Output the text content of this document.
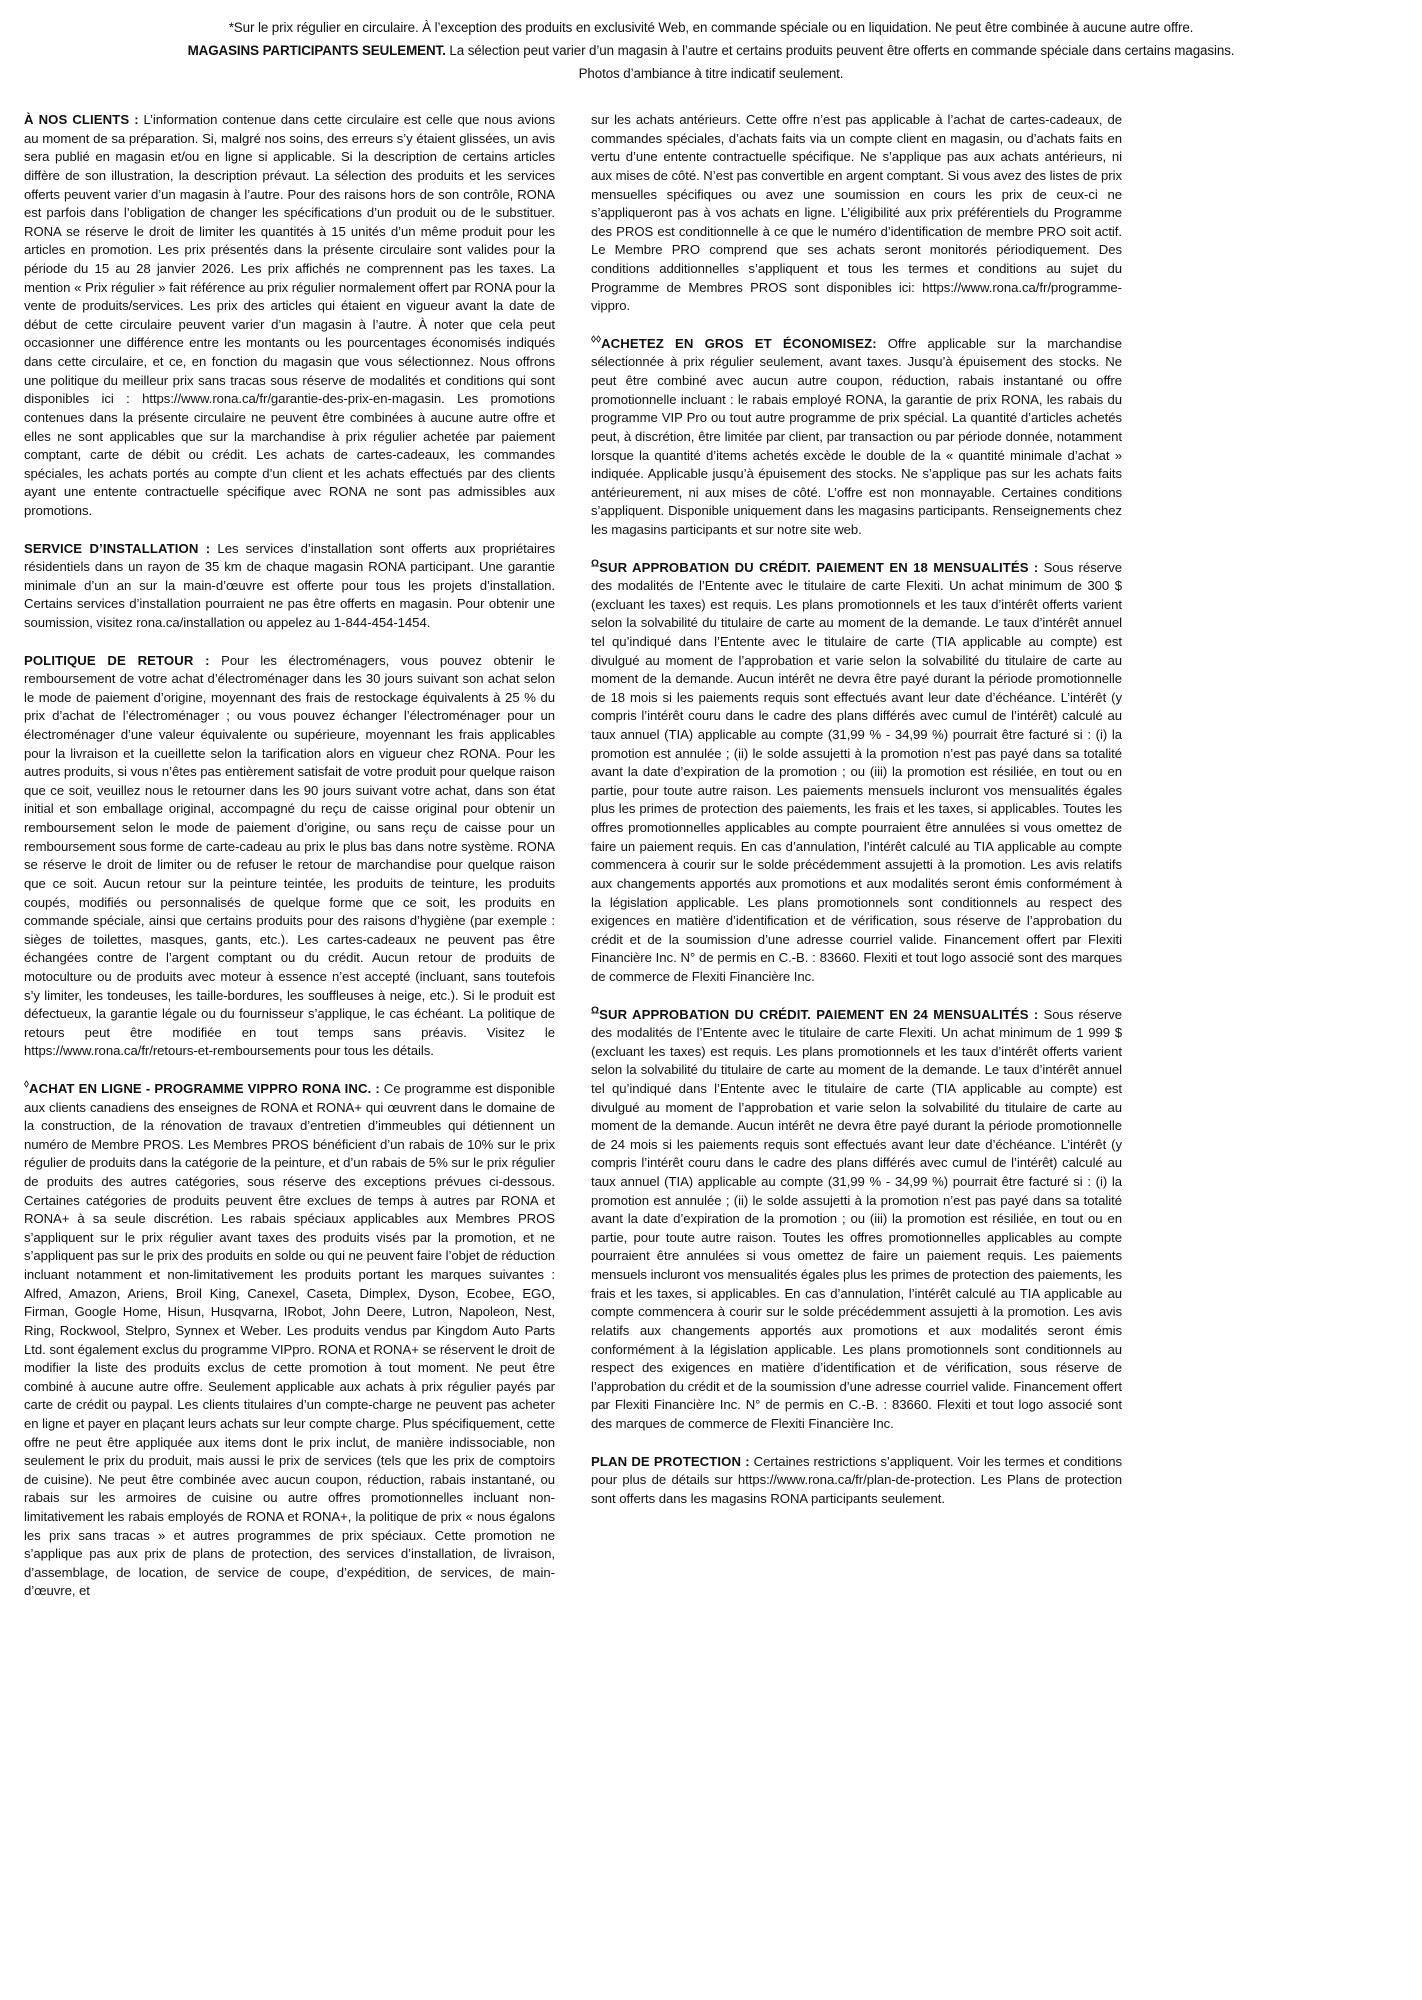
*Sur le prix régulier en circulaire. À l’exception des produits en exclusivité Web, en commande spéciale ou en liquidation. Ne peut être combinée à aucune autre offre.
MAGASINS PARTICIPANTS SEULEMENT. La sélection peut varier d’un magasin à l’autre et certains produits peuvent être offerts en commande spéciale dans certains magasins.
Photos d’ambiance à titre indicatif seulement.

À NOS CLIENTS : L’information contenue dans cette circulaire est celle que nous avions au moment de sa préparation. Si, malgré nos soins, des erreurs s’y étaient glissées, un avis sera publié en magasin et/ou en ligne si applicable. Si la description de certains articles diffère de son illustration, la description prévaut. La sélection des produits et les services offerts peuvent varier d’un magasin à l’autre. Pour des raisons hors de son contrôle, RONA est parfois dans l’obligation de changer les spécifications d’un produit ou de le substituer. RONA se réserve le droit de limiter les quantités à 15 unités d’un même produit pour les articles en promotion. Les prix présentés dans la présente circulaire sont valides pour la période du 15 au 28 janvier 2026. Les prix affichés ne comprennent pas les taxes. La mention « Prix régulier » fait référence au prix régulier normalement offert par RONA pour la vente de produits/services. Les prix des articles qui étaient en vigueur avant la date de début de cette circulaire peuvent varier d’un magasin à l’autre. À noter que cela peut occasionner une différence entre les montants ou les pourcentages économisés indiqués dans cette circulaire, et ce, en fonction du magasin que vous sélectionnez. Nous offrons une politique du meilleur prix sans tracas sous réserve de modalités et conditions qui sont disponibles ici : https://www.rona.ca/fr/garantie-des-prix-en-magasin. Les promotions contenues dans la présente circulaire ne peuvent être combinées à aucune autre offre et elles ne sont applicables que sur la marchandise à prix régulier achetée par paiement comptant, carte de débit ou crédit. Les achats de cartes-cadeaux, les commandes spéciales, les achats portés au compte d’un client et les achats effectués par des clients ayant une entente contractuelle spécifique avec RONA ne sont pas admissibles aux promotions.

SERVICE D’INSTALLATION : Les services d’installation sont offerts aux propriétaires résidentiels dans un rayon de 35 km de chaque magasin RONA participant. Une garantie minimale d’un an sur la main-d’œuvre est offerte pour tous les projets d’installation. Certains services d’installation pourraient ne pas être offerts en magasin. Pour obtenir une soumission, visitez rona.ca/installation ou appelez au 1-844-454-1454.

POLITIQUE DE RETOUR : Pour les électroménagers, vous pouvez obtenir le remboursement de votre achat d’électroménager dans les 30 jours suivant son achat selon le mode de paiement d’origine, moyennant des frais de restockage équivalents à 25 % du prix d’achat de l’électroménager ; ou vous pouvez échanger l’électroménager pour un électroménager d’une valeur équivalente ou supérieure, moyennant les frais applicables pour la livraison et la cueillette selon la tarification alors en vigueur chez RONA. Pour les autres produits, si vous n’êtes pas entièrement satisfait de votre produit pour quelque raison que ce soit, veuillez nous le retourner dans les 90 jours suivant votre achat, dans son état initial et son emballage original, accompagné du reçu de caisse original pour obtenir un remboursement selon le mode de paiement d’origine, ou sans reçu de caisse pour un remboursement sous forme de carte-cadeau au prix le plus bas dans notre système. RONA se réserve le droit de limiter ou de refuser le retour de marchandise pour quelque raison que ce soit. Aucun retour sur la peinture teintée, les produits de teinture, les produits coupés, modifiés ou personnalisés de quelque forme que ce soit, les produits en commande spéciale, ainsi que certains produits pour des raisons d’hygiène (par exemple : sièges de toilettes, masques, gants, etc.). Les cartes-cadeaux ne peuvent pas être échangées contre de l’argent comptant ou du crédit. Aucun retour de produits de motoculture ou de produits avec moteur à essence n’est accepté (incluant, sans toutefois s’y limiter, les tondeuses, les taille-bordures, les souffleuses à neige, etc.). Si le produit est défectueux, la garantie légale ou du fournisseur s’applique, le cas échéant. La politique de retours peut être modifiée en tout temps sans préavis. Visitez le https://www.rona.ca/fr/retours-et-remboursements pour tous les détails.

◊ACHAT EN LIGNE - PROGRAMME VIPPRO RONA INC. : Ce programme est disponible aux clients canadiens des enseignes de RONA et RONA+ qui œuvrent dans le domaine de la construction, de la rénovation de travaux d’entretien d’immeubles qui détiennent un numéro de Membre PROS. Les Membres PROS bénéficient d’un rabais de 10% sur le prix régulier de produits dans la catégorie de la peinture, et d’un rabais de 5% sur le prix régulier de produits des autres catégories, sous réserve des exceptions prévues ci-dessous. Certaines catégories de produits peuvent être exclues de temps à autres par RONA et RONA+ à sa seule discrétion. Les rabais spéciaux applicables aux Membres PROS s’appliquent sur le prix régulier avant taxes des produits visés par la promotion, et ne s’appliquent pas sur le prix des produits en solde ou qui ne peuvent faire l’objet de réduction incluant notamment et non-limitativement les produits portant les marques suivantes : Alfred, Amazon, Ariens, Broil King, Canexel, Caseta, Dimplex, Dyson, Ecobee, EGO, Firman, Google Home, Hisun, Husqvarna, IRobot, John Deere, Lutron, Napoleon, Nest, Ring, Rockwool, Stelpro, Synnex et Weber. Les produits vendus par Kingdom Auto Parts Ltd. sont également exclus du programme VIPpro. RONA et RONA+ se réservent le droit de modifier la liste des produits exclus de cette promotion à tout moment. Ne peut être combiné à aucune autre offre. Seulement applicable aux achats à prix régulier payés par carte de crédit ou paypal. Les clients titulaires d’un compte-charge ne peuvent pas acheter en ligne et payer en plaçant leurs achats sur leur compte charge. Plus spécifiquement, cette offre ne peut être appliquée aux items dont le prix inclut, de manière indissociable, non seulement le prix du produit, mais aussi le prix de services (tels que les prix de comptoirs de cuisine). Ne peut être combinée avec aucun coupon, réduction, rabais instantané, ou rabais sur les armoires de cuisine ou autre offres promotionnelles incluant non-limitativement les rabais employés de RONA et RONA+, la politique de prix « nous égalons les prix sans tracas » et autres programmes de prix spéciaux. Cette promotion ne s’applique pas aux prix de plans de protection, des services d’installation, de livraison, d’assemblage, de location, de service de coupe, d’expédition, de services, de main-d’œuvre, et

sur les achats antérieurs. Cette offre n’est pas applicable à l’achat de cartes-cadeaux, de commandes spéciales, d’achats faits via un compte client en magasin, ou d’achats faits en vertu d’une entente contractuelle spécifique. Ne s’applique pas aux achats antérieurs, ni aux mises de côté. N’est pas convertible en argent comptant. Si vous avez des listes de prix mensuelles spécifiques ou avez une soumission en cours les prix de ceux-ci ne s’appliqueront pas à vos achats en ligne. L’éligibilité aux prix préférentiels du Programme des PROS est conditionnelle à ce que le numéro d’identification de membre PRO soit actif. Le Membre PRO comprend que ses achats seront monitorés périodiquement. Des conditions additionnelles s’appliquent et tous les termes et conditions au sujet du Programme de Membres PROS sont disponibles ici: https://www.rona.ca/fr/programme-vippro.

◊◊ACHETEZ EN GROS ET ÉCONOMISEZ: Offre applicable sur la marchandise sélectionnée à prix régulier seulement, avant taxes. Jusqu’à épuisement des stocks. Ne peut être combiné avec aucun autre coupon, réduction, rabais instantané ou offre promotionnelle incluant : le rabais employé RONA, la garantie de prix RONA, les rabais du programme VIP Pro ou tout autre programme de prix spécial. La quantité d’articles achetés peut, à discrétion, être limitée par client, par transaction ou par période donnée, notamment lorsque la quantité d’items achetés excède le double de la « quantité minimale d’achat » indiquée. Applicable jusqu’à épuisement des stocks. Ne s’applique pas sur les achats faits antérieurement, ni aux mises de côté. L’offre est non monnayable. Certaines conditions s’appliquent. Disponible uniquement dans les magasins participants. Renseignements chez les magasins participants et sur notre site web.

$^\Omega$SUR APPROBATION DU CRÉDIT. PAIEMENT EN 18 MENSUALITÉS : Sous réserve des modalités de l’Entente avec le titulaire de carte Flexiti. Un achat minimum de 300 $ (excluant les taxes) est requis. Les plans promotionnels et les taux d’intérêt offerts varient selon la solvabilité du titulaire de carte au moment de la demande. Le taux d’intérêt annuel tel qu’indiqué dans l’Entente avec le titulaire de carte (TIA applicable au compte) est divulgué au moment de l’approbation et varie selon la solvabilité du titulaire de carte au moment de la demande. Aucun intérêt ne devra être payé durant la période promotionnelle de 18 mois si les paiements requis sont effectués avant leur date d’échéance. L’intérêt (y compris l’intérêt couru dans le cadre des plans différés avec cumul de l’intérêt) calculé au taux annuel (TIA) applicable au compte (31,99 % - 34,99 %) pourrait être facturé si : (i) la promotion est annulée ; (ii) le solde assujetti à la promotion n’est pas payé dans sa totalité avant la date d’expiration de la promotion ; ou (iii) la promotion est résiliée, en tout ou en partie, pour toute autre raison. Les paiements mensuels incluront vos mensualités égales plus les primes de protection des paiements, les frais et les taxes, si applicables. Toutes les offres promotionnelles applicables au compte pourraient être annulées si vous omettez de faire un paiement requis. En cas d’annulation, l’intérêt calculé au TIA applicable au compte commencera à courir sur le solde précédemment assujetti à la promotion. Les avis relatifs aux changements apportés aux promotions et aux modalités seront émis conformément à la législation applicable. Les plans promotionnels sont conditionnels au respect des exigences en matière d’identification et de vérification, sous réserve de l’approbation du crédit et de la soumission d’une adresse courriel valide. Financement offert par Flexiti Financière Inc. N° de permis en C.-B. : 83660. Flexiti et tout logo associé sont des marques de commerce de Flexiti Financière Inc.

$^\Omega$SUR APPROBATION DU CRÉDIT. PAIEMENT EN 24 MENSUALITÉS : Sous réserve des modalités de l’Entente avec le titulaire de carte Flexiti. Un achat minimum de 1 999 $ (excluant les taxes) est requis. Les plans promotionnels et les taux d’intérêt offerts varient selon la solvabilité du titulaire de carte au moment de la demande. Le taux d’intérêt annuel tel qu’indiqué dans l’Entente avec le titulaire de carte (TIA applicable au compte) est divulgué au moment de l’approbation et varie selon la solvabilité du titulaire de carte au moment de la demande. Aucun intérêt ne devra être payé durant la période promotionnelle de 24 mois si les paiements requis sont effectués avant leur date d’échéance. L’intérêt (y compris l’intérêt couru dans le cadre des plans différés avec cumul de l’intérêt) calculé au taux annuel (TIA) applicable au compte (31,99 % - 34,99 %) pourrait être facturé si : (i) la promotion est annulée ; (ii) le solde assujetti à la promotion n’est pas payé dans sa totalité avant la date d’expiration de la promotion ; ou (iii) la promotion est résiliée, en tout ou en partie, pour toute autre raison. Toutes les offres promotionnelles applicables au compte pourraient être annulées si vous omettez de faire un paiement requis. Les paiements mensuels incluront vos mensualités égales plus les primes de protection des paiements, les frais et les taxes, si applicables. En cas d’annulation, l’intérêt calculé au TIA applicable au compte commencera à courir sur le solde précédemment assujetti à la promotion. Les avis relatifs aux changements apportés aux promotions et aux modalités seront émis conformément à la législation applicable. Les plans promotionnels sont conditionnels au respect des exigences en matière d’identification et de vérification, sous réserve de l’approbation du crédit et de la soumission d’une adresse courriel valide. Financement offert par Flexiti Financière Inc. N° de permis en C.-B. : 83660. Flexiti et tout logo associé sont des marques de commerce de Flexiti Financière Inc.

PLAN DE PROTECTION : Certaines restrictions s’appliquent. Voir les termes et conditions pour plus de détails sur https://www.rona.ca/fr/plan-de-protection. Les Plans de protection sont offerts dans les magasins RONA participants seulement.
